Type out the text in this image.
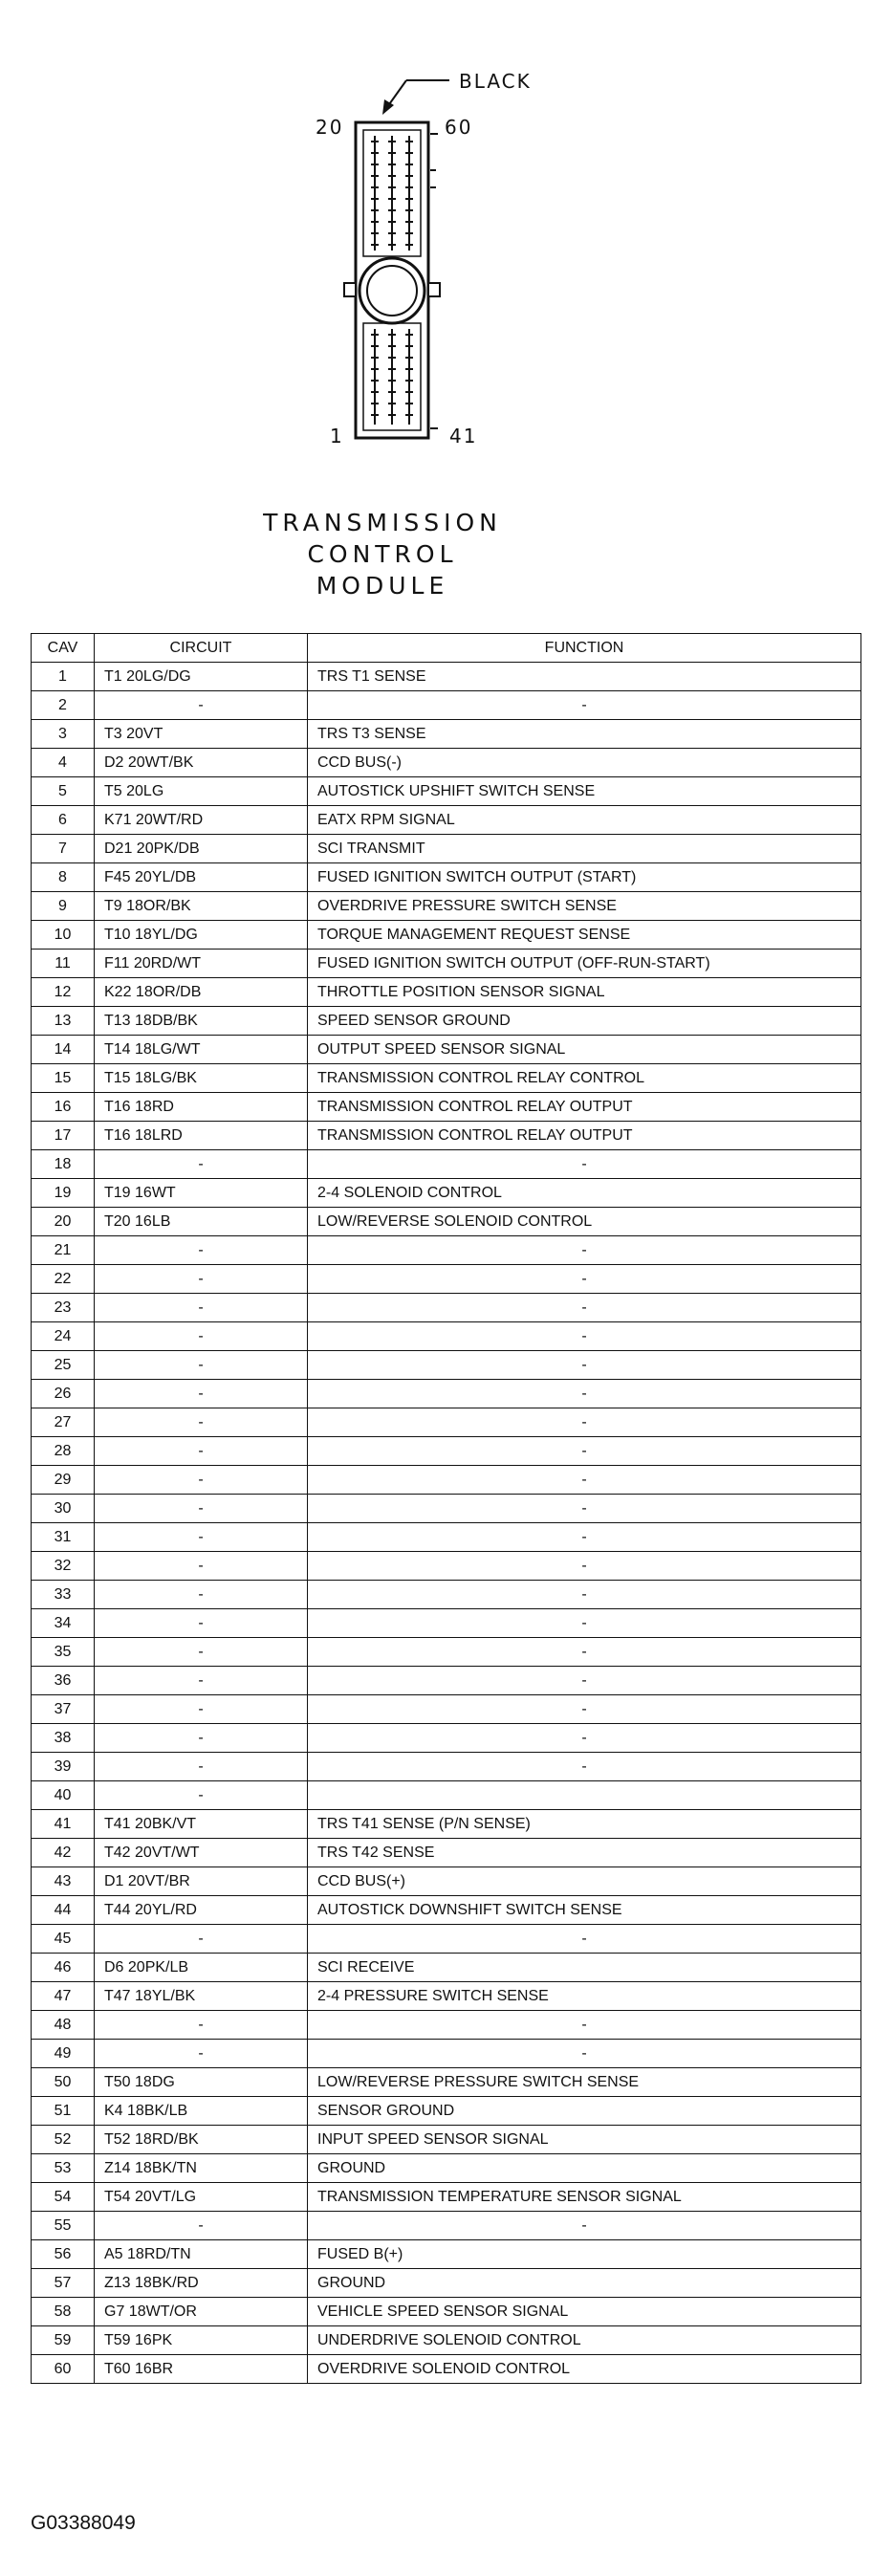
BLACK
20	60
1	41
TRANSMISSION
CONTROL
MODULE
CAV	CIRCUIT	FUNCTION
1	T1 20LG/DG	TRS T1 SENSE
2	-	-
3	T3 20VT	TRS T3 SENSE
4	D2 20WT/BK	CCD BUS(-)
5	T5 20LG	AUTOSTICK UPSHIFT SWITCH SENSE
6	K71 20WT/RD	EATX RPM SIGNAL
7	D21 20PK/DB	SCI TRANSMIT
8	F45 20YL/DB	FUSED IGNITION SWITCH OUTPUT (START)
9	T9 18OR/BK	OVERDRIVE PRESSURE SWITCH SENSE
10	T10 18YL/DG	TORQUE MANAGEMENT REQUEST SENSE
11	F11 20RD/WT	FUSED IGNITION SWITCH OUTPUT (OFF-RUN-START)
12	K22 18OR/DB	THROTTLE POSITION SENSOR SIGNAL
13	T13 18DB/BK	SPEED SENSOR GROUND
14	T14 18LG/WT	OUTPUT SPEED SENSOR SIGNAL
15	T15 18LG/BK	TRANSMISSION CONTROL RELAY CONTROL
16	T16 18RD	TRANSMISSION CONTROL RELAY OUTPUT
17	T16 18LRD	TRANSMISSION CONTROL RELAY OUTPUT
18	-	-
19	T19 16WT	2-4 SOLENOID CONTROL
20	T20 16LB	LOW/REVERSE SOLENOID CONTROL
21	-	-
22	-	-
23	-	-
24	-	-
25	-	-
26	-	-
27	-	-
28	-	-
29	-	-
30	-	-
31	-	-
32	-	-
33	-	-
34	-	-
35	-	-
36	-	-
37	-	-
38	-	-
39	-	-
40	-	
41	T41 20BK/VT	TRS T41 SENSE (P/N SENSE)
42	T42 20VT/WT	TRS T42 SENSE
43	D1 20VT/BR	CCD BUS(+)
44	T44 20YL/RD	AUTOSTICK DOWNSHIFT SWITCH SENSE
45	-	-
46	D6 20PK/LB	SCI RECEIVE
47	T47 18YL/BK	2-4 PRESSURE SWITCH SENSE
48	-	-
49	-	-
50	T50 18DG	LOW/REVERSE PRESSURE SWITCH SENSE
51	K4 18BK/LB	SENSOR GROUND
52	T52 18RD/BK	INPUT SPEED SENSOR SIGNAL
53	Z14 18BK/TN	GROUND
54	T54 20VT/LG	TRANSMISSION TEMPERATURE SENSOR SIGNAL
55	-	-
56	A5 18RD/TN	FUSED B(+)
57	Z13 18BK/RD	GROUND
58	G7 18WT/OR	VEHICLE SPEED SENSOR SIGNAL
59	T59 16PK	UNDERDRIVE SOLENOID CONTROL
60	T60 16BR	OVERDRIVE SOLENOID CONTROL
G03388049
